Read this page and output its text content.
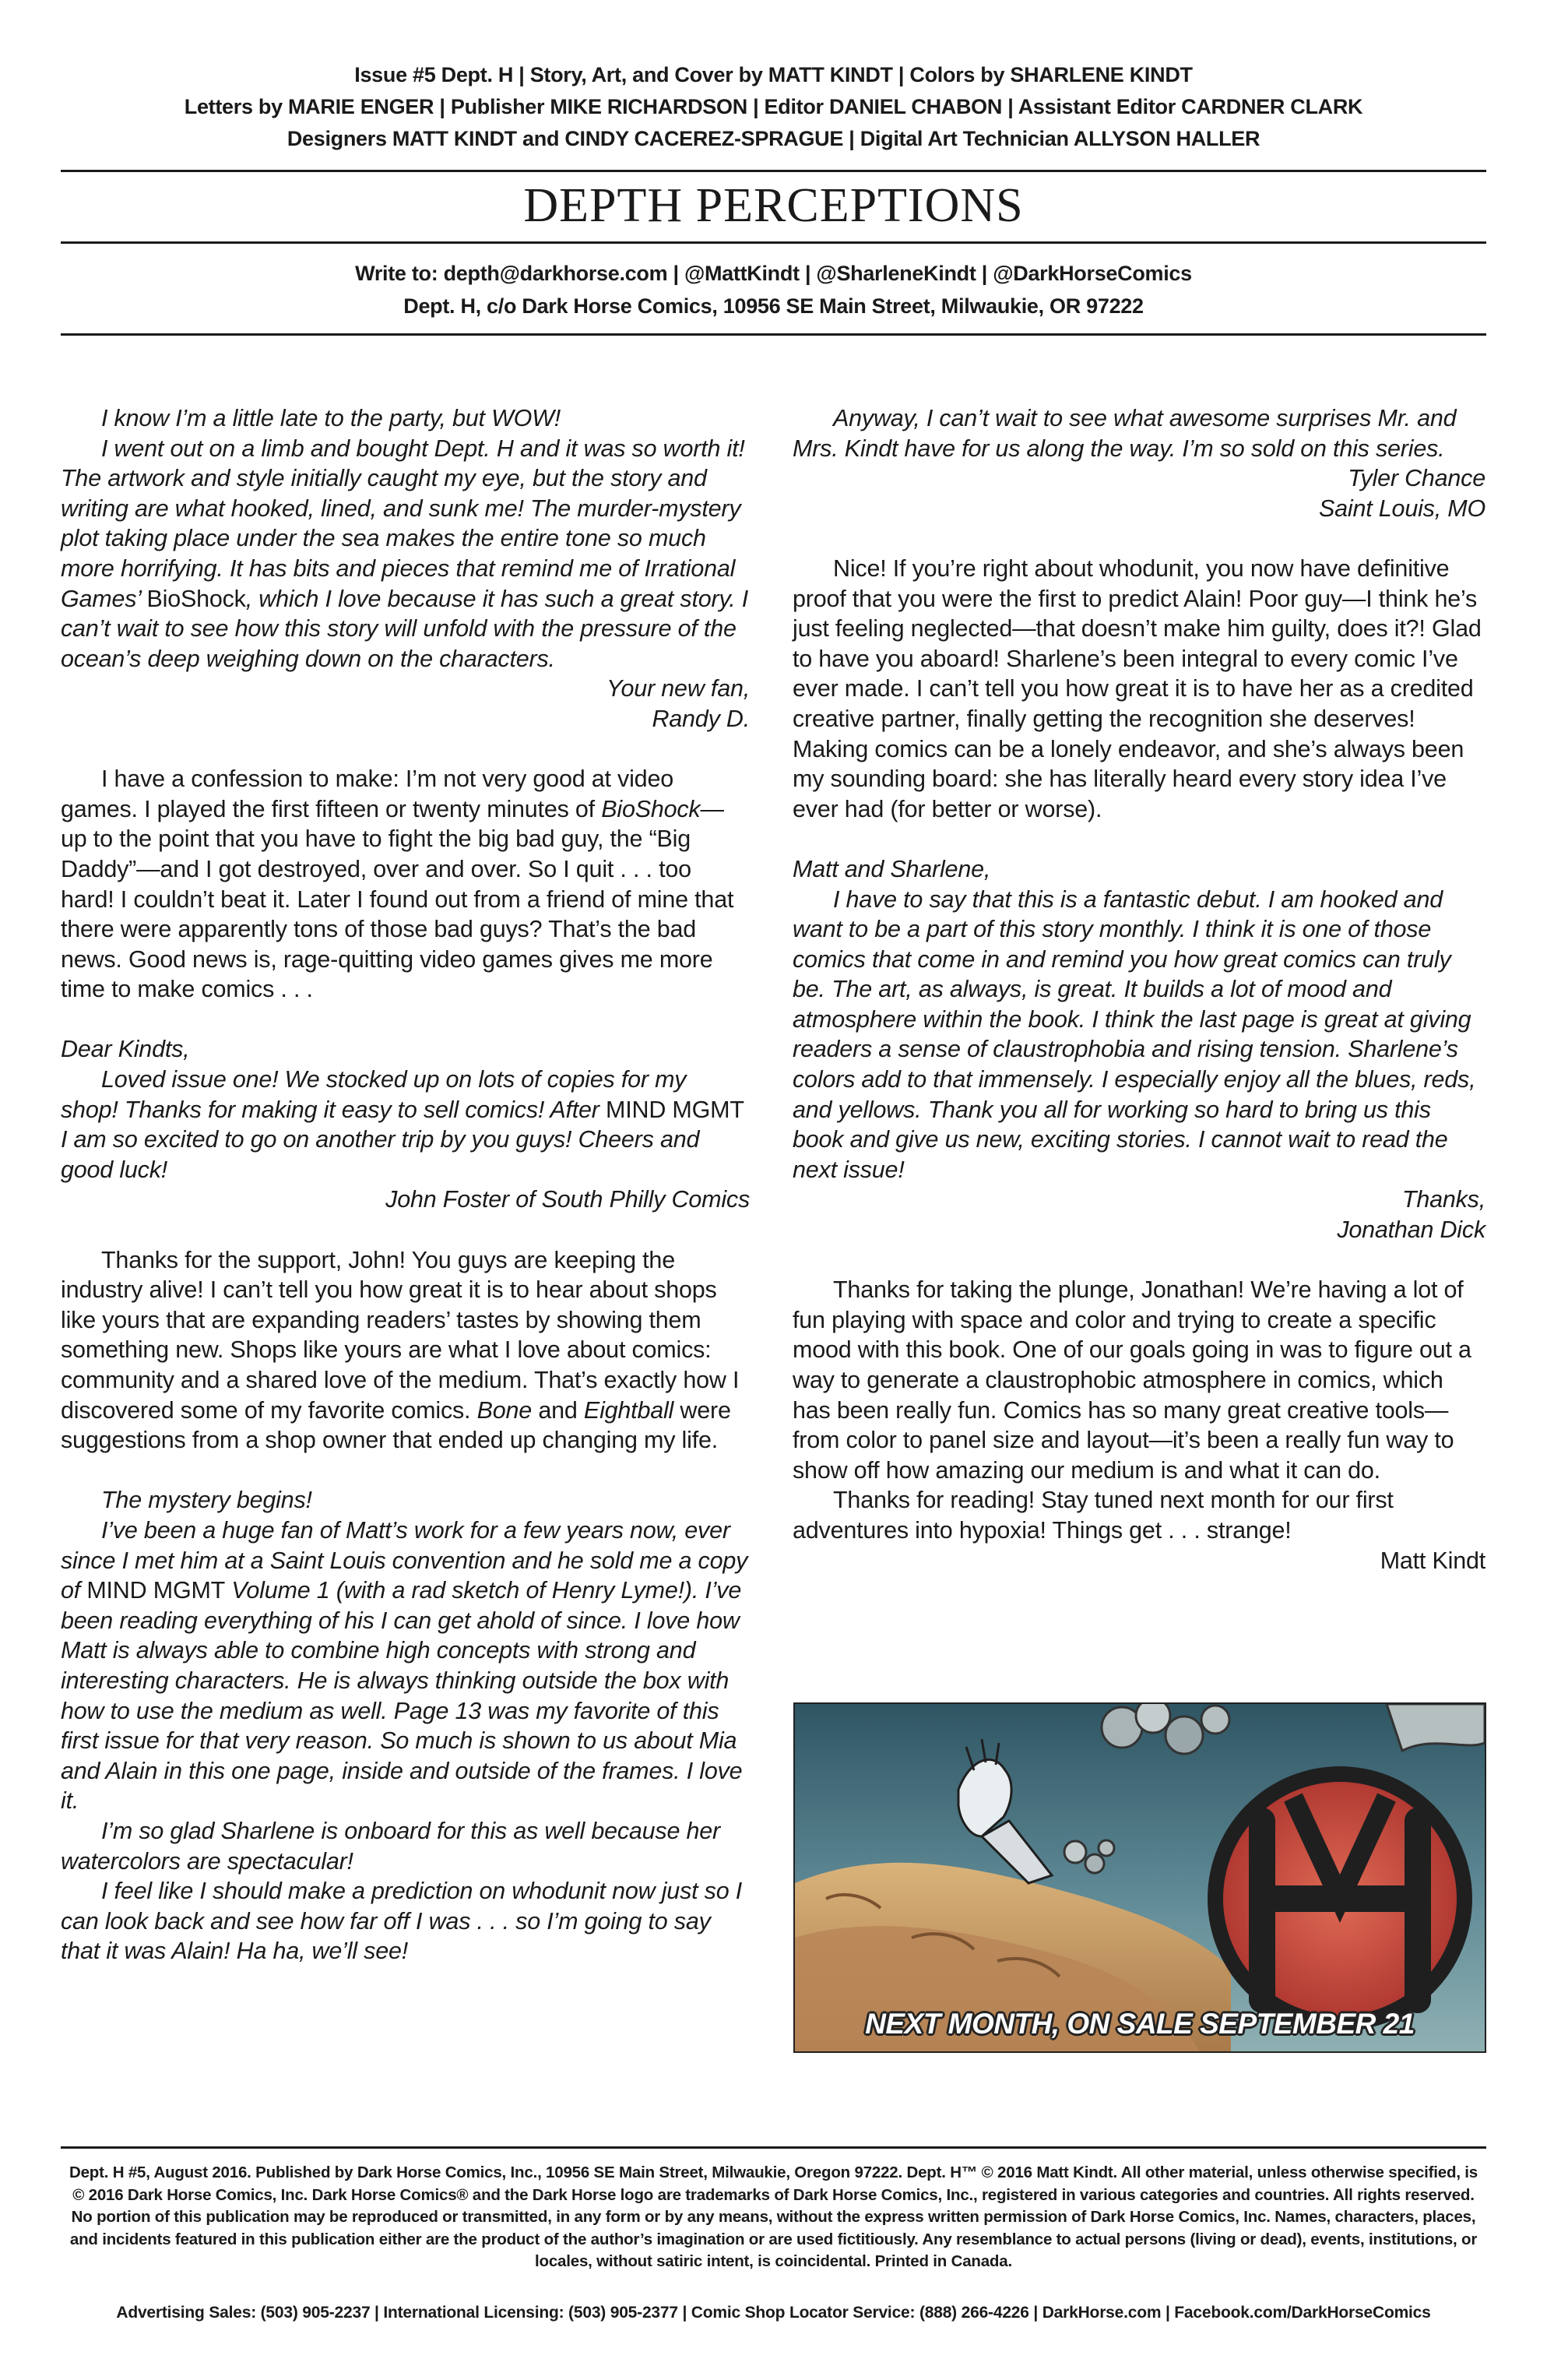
Issue #5 Dept. H | Story, Art, and Cover by MATT KINDT | Colors by SHARLENE KINDT
Letters by MARIE ENGER | Publisher MIKE RICHARDSON | Editor DANIEL CHABON | Assistant Editor CARDNER CLARK
Designers MATT KINDT and CINDY CACEREZ-SPRAGUE | Digital Art Technician ALLYSON HALLER
DEPTH PERCEPTIONS
Write to: depth@darkhorse.com | @MattKindt | @SharleneKindt | @DarkHorseComics
Dept. H, c/o Dark Horse Comics, 10956 SE Main Street, Milwaukie, OR 97222

I know I’m a little late to the party, but WOW!

I went out on a limb and bought Dept. H and it was so worth it! The artwork and style initially caught my eye, but the story and writing are what hooked, lined, and sunk me! The murder-mystery plot taking place under the sea makes the entire tone so much more horrifying. It has bits and pieces that remind me of Irrational Games’ BioShock, which I love because it has such a great story. I can’t wait to see how this story will unfold with the pressure of the ocean’s deep weighing down on the characters.

Your new fan,

Randy D.

I have a confession to make: I’m not very good at video games. I played the first fifteen or twenty minutes of BioShock—up to the point that you have to fight the big bad guy, the “Big Daddy”—and I got destroyed, over and over. So I quit . . . too hard! I couldn’t beat it. Later I found out from a friend of mine that there were apparently tons of those bad guys? That’s the bad news. Good news is, rage-quitting video games gives me more time to make comics . . .

Dear Kindts,

Loved issue one! We stocked up on lots of copies for my shop! Thanks for making it easy to sell comics! After MIND MGMT I am so excited to go on another trip by you guys! Cheers and good luck!

John Foster of South Philly Comics

Thanks for the support, John! You guys are keeping the industry alive! I can’t tell you how great it is to hear about shops like yours that are expanding readers’ tastes by showing them something new. Shops like yours are what I love about comics: community and a shared love of the medium. That’s exactly how I discovered some of my favorite comics. Bone and Eightball were suggestions from a shop owner that ended up changing my life.

The mystery begins!

I’ve been a huge fan of Matt’s work for a few years now, ever since I met him at a Saint Louis convention and he sold me a copy of MIND MGMT Volume 1 (with a rad sketch of Henry Lyme!). I’ve been reading everything of his I can get ahold of since. I love how Matt is always able to combine high concepts with strong and interesting characters. He is always thinking outside the box with how to use the medium as well. Page 13 was my favorite of this first issue for that very reason. So much is shown to us about Mia and Alain in this one page, inside and outside of the frames. I love it.

I’m so glad Sharlene is onboard for this as well because her watercolors are spectacular!

I feel like I should make a prediction on whodunit now just so I can look back and see how far off I was . . . so I’m going to say that it was Alain! Ha ha, we’ll see!

Anyway, I can’t wait to see what awesome surprises Mr. and Mrs. Kindt have for us along the way. I’m so sold on this series.

Tyler Chance

Saint Louis, MO

Nice! If you’re right about whodunit, you now have definitive proof that you were the first to predict Alain! Poor guy—I think he’s just feeling neglected—that doesn’t make him guilty, does it?! Glad to have you aboard! Sharlene’s been integral to every comic I’ve ever made. I can’t tell you how great it is to have her as a credited creative partner, finally getting the recognition she deserves! Making comics can be a lonely endeavor, and she’s always been my sounding board: she has literally heard every story idea I’ve ever had (for better or worse).

Matt and Sharlene,

I have to say that this is a fantastic debut. I am hooked and want to be a part of this story monthly. I think it is one of those comics that come in and remind you how great comics can truly be. The art, as always, is great. It builds a lot of mood and atmosphere within the book. I think the last page is great at giving readers a sense of claustrophobia and rising tension. Sharlene’s colors add to that immensely. I especially enjoy all the blues, reds, and yellows. Thank you all for working so hard to bring us this book and give us new, exciting stories. I cannot wait to read the next issue!

Thanks,

Jonathan Dick

Thanks for taking the plunge, Jonathan! We’re having a lot of fun playing with space and color and trying to create a specific mood with this book. One of our goals going in was to figure out a way to generate a claustrophobic atmosphere in comics, which has been really fun. Comics has so many great creative tools—from color to panel size and layout—it’s been a really fun way to show off how amazing our medium is and what it can do.

Thanks for reading! Stay tuned next month for our first adventures into hypoxia! Things get . . . strange!

Matt Kindt

NEXT MONTH, ON SALE SEPTEMBER 21
Dept. H #5, August 2016. Published by Dark Horse Comics, Inc., 10956 SE Main Street, Milwaukie, Oregon 97222. Dept. H™ © 2016 Matt Kindt. All other material, unless otherwise specified, is © 2016 Dark Horse Comics, Inc. Dark Horse Comics® and the Dark Horse logo are trademarks of Dark Horse Comics, Inc., registered in various categories and countries. All rights reserved. No portion of this publication may be reproduced or transmitted, in any form or by any means, without the express written permission of Dark Horse Comics, Inc. Names, characters, places, and incidents featured in this publication either are the product of the author’s imagination or are used fictitiously. Any resemblance to actual persons (living or dead), events, institutions, or locales, without satiric intent, is coincidental. Printed in Canada.
Advertising Sales: (503) 905-2237 | International Licensing: (503) 905-2377 | Comic Shop Locator Service: (888) 266-4226 | DarkHorse.com | Facebook.com/DarkHorseComics
